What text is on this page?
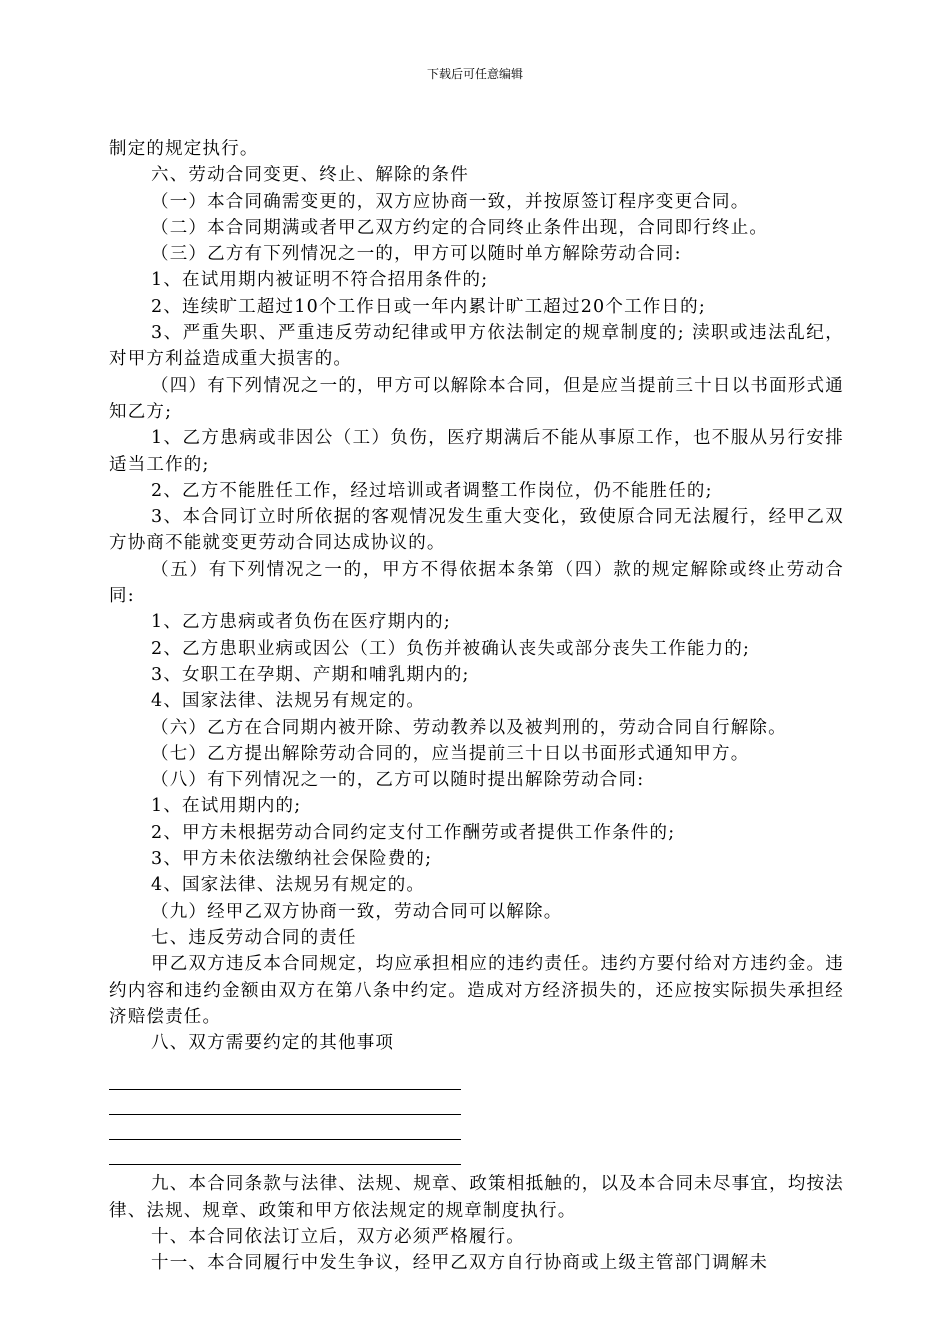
下载后可任意编辑

制定的规定执行。

六、劳动合同变更、终止、解除的条件

（一）本合同确需变更的，双方应协商一致，并按原签订程序变更合同。

（二）本合同期满或者甲乙双方约定的合同终止条件出现，合同即行终止。

（三）乙方有下列情况之一的，甲方可以随时单方解除劳动合同:

1、在试用期内被证明不符合招用条件的;

2、连续旷工超过10个工作日或一年内累计旷工超过20个工作日的;

3、严重失职、严重违反劳动纪律或甲方依法制定的规章制度的; 渎职或违法乱纪，对甲方利益造成重大损害的。

（四）有下列情况之一的，甲方可以解除本合同，但是应当提前三十日以书面形式通知乙方;

1、乙方患病或非因公（工）负伤，医疗期满后不能从事原工作，也不服从另行安排适当工作的;

2、乙方不能胜任工作，经过培训或者调整工作岗位，仍不能胜任的;

3、本合同订立时所依据的客观情况发生重大变化，致使原合同无法履行，经甲乙双方协商不能就变更劳动合同达成协议的。

（五）有下列情况之一的，甲方不得依据本条第（四）款的规定解除或终止劳动合同:

1、乙方患病或者负伤在医疗期内的;

2、乙方患职业病或因公（工）负伤并被确认丧失或部分丧失工作能力的;

3、女职工在孕期、产期和哺乳期内的;

4、国家法律、法规另有规定的。

（六）乙方在合同期内被开除、劳动教养以及被判刑的，劳动合同自行解除。

（七）乙方提出解除劳动合同的，应当提前三十日以书面形式通知甲方。

（八）有下列情况之一的，乙方可以随时提出解除劳动合同:

1、在试用期内的;

2、甲方未根据劳动合同约定支付工作酬劳或者提供工作条件的;

3、甲方未依法缴纳社会保险费的;

4、国家法律、法规另有规定的。

（九）经甲乙双方协商一致，劳动合同可以解除。

七、违反劳动合同的责任

甲乙双方违反本合同规定，均应承担相应的违约责任。违约方要付给对方违约金。违约内容和违约金额由双方在第八条中约定。造成对方经济损失的，还应按实际损失承担经济赔偿责任。

八、双方需要约定的其他事项

九、本合同条款与法律、法规、规章、政策相抵触的，以及本合同未尽事宜，均按法律、法规、规章、政策和甲方依法规定的规章制度执行。

十、本合同依法订立后，双方必须严格履行。

十一、本合同履行中发生争议，经甲乙双方自行协商或上级主管部门调解未
